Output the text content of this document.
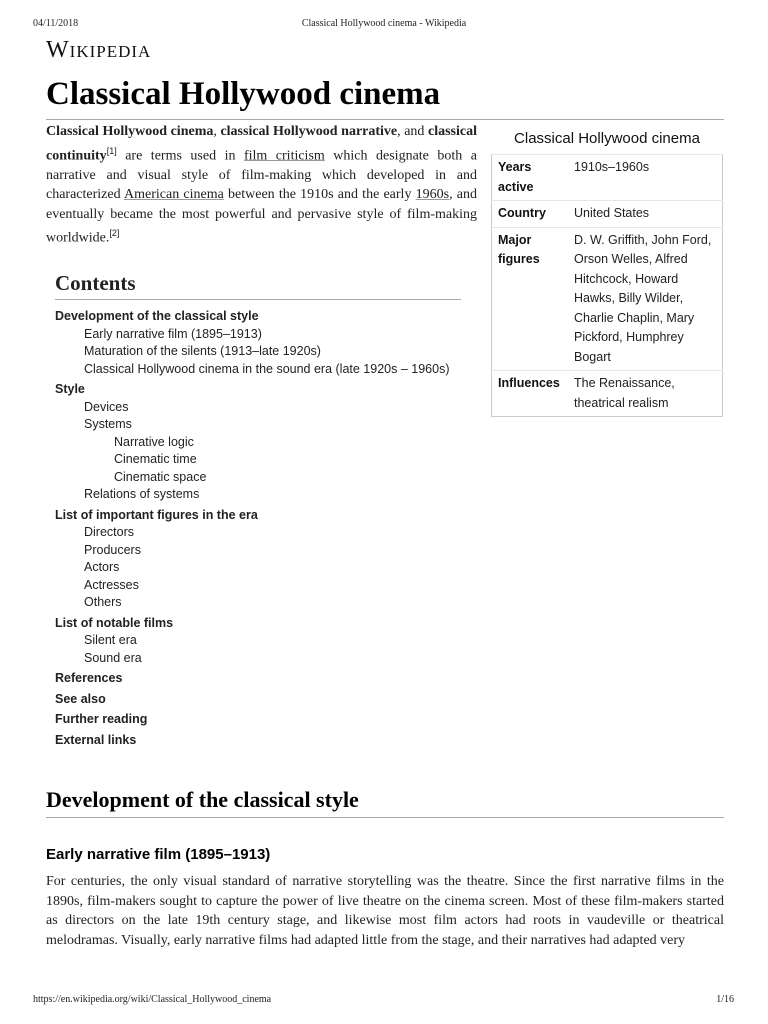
04/11/2018	Classical Hollywood cinema - Wikipedia
Wikipedia
Classical Hollywood cinema

Classical Hollywood cinema, classical Hollywood narrative, and classical continuity[1] are terms used in film criticism which designate both a narrative and visual style of film-making which developed in and characterized American cinema between the 1910s and the early 1960s, and eventually became the most powerful and pervasive style of film-making worldwide.[2]

Classical Hollywood cinema
Years active	1910s–1960s
Country	United States
Major figures	D. W. Griffith, John Ford, Orson Welles, Alfred Hitchcock, Howard Hawks, Billy Wilder, Charlie Chaplin, Mary Pickford, Humphrey Bogart
Influences	The Renaissance, theatrical realism
Contents
Development of the classical style
Early narrative film (1895–1913)
Maturation of the silents (1913–late 1920s)
Classical Hollywood cinema in the sound era (late 1920s – 1960s)
Style
Devices
Systems
Narrative logic
Cinematic time
Cinematic space
Relations of systems
List of important figures in the era
Directors
Producers
Actors
Actresses
Others
List of notable films
Silent era
Sound era
References
See also
Further reading
External links
Development of the classical style
Early narrative film (1895–1913)

For centuries, the only visual standard of narrative storytelling was the theatre. Since the first narrative films in the 1890s, film-makers sought to capture the power of live theatre on the cinema screen. Most of these film-makers started as directors on the late 19th century stage, and likewise most film actors had roots in vaudeville or theatrical melodramas. Visually, early narrative films had adapted little from the stage, and their narratives had adapted very

https://en.wikipedia.org/wiki/Classical_Hollywood_cinema	1/16
